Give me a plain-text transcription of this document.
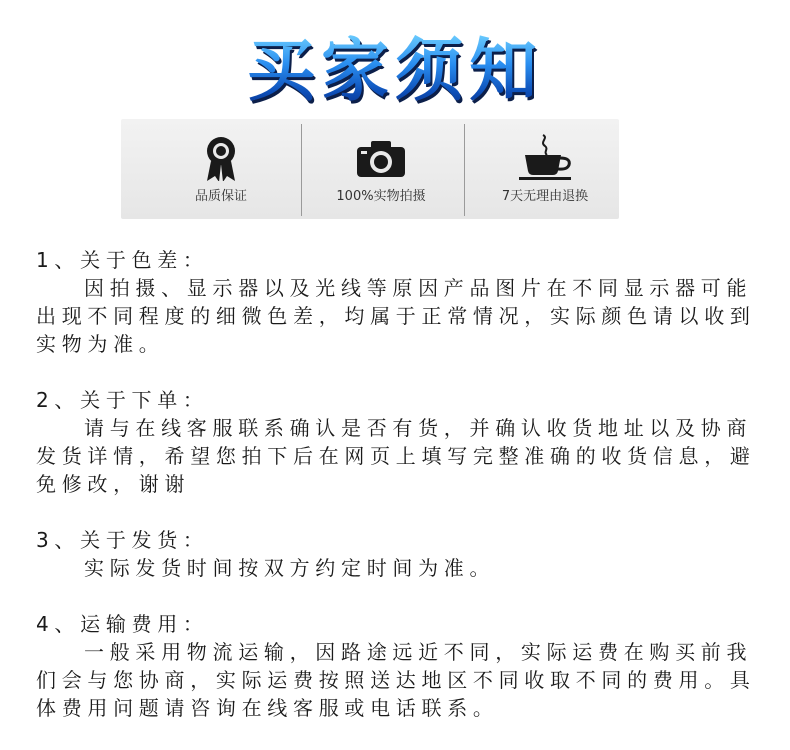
买家须知
品质保证	100%实物拍摄	7天无理由退换
1、关于色差：
因拍摄、显示器以及光线等原因产品图片在不同显示器可能出现不同程度的细微色差，均属于正常情况，实际颜色请以收到实物为准。
2、关于下单：
请与在线客服联系确认是否有货，并确认收货地址以及协商发货详情，希望您拍下后在网页上填写完整准确的收货信息，避免修改，谢谢
3、关于发货：
实际发货时间按双方约定时间为准。
4、运输费用：
一般采用物流运输，因路途远近不同，实际运费在购买前我们会与您协商，实际运费按照送达地区不同收取不同的费用。具体费用问题请咨询在线客服或电话联系。
